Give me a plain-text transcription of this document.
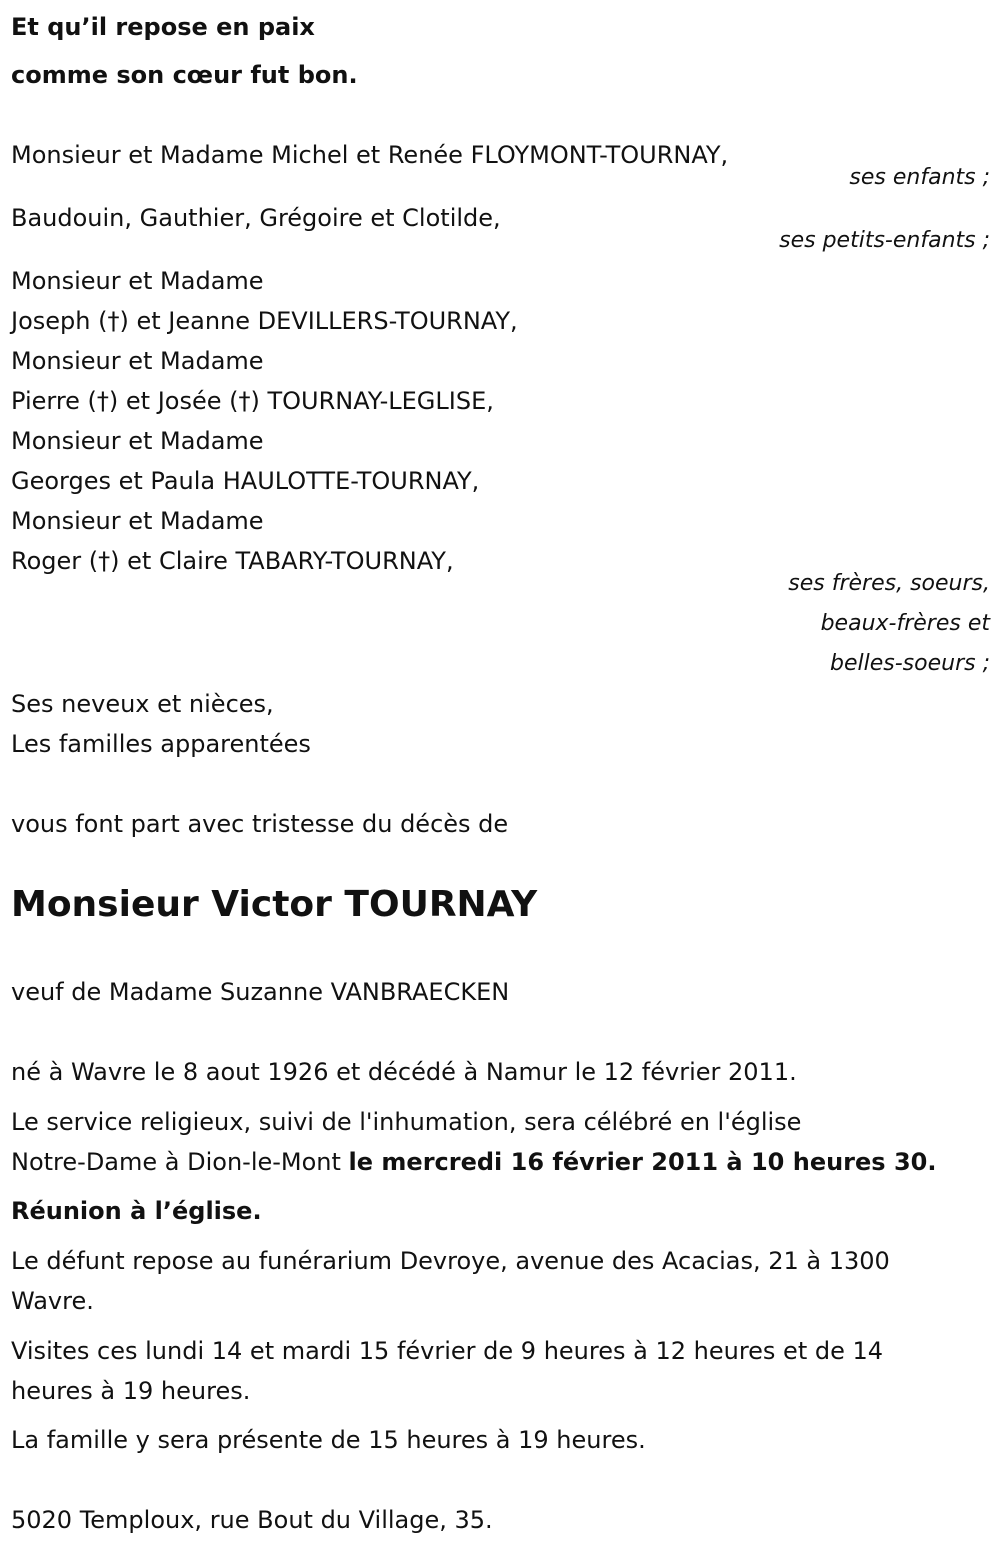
Et qu’il repose en paix
comme son cœur fut bon.
Monsieur et Madame Michel et Renée FLOYMONT-TOURNAY,
ses enfants ;
Baudouin, Gauthier, Grégoire et Clotilde,
ses petits-enfants ;
Monsieur et Madame
Joseph (†) et Jeanne DEVILLERS-TOURNAY,
Monsieur et Madame
Pierre (†) et Josée (†) TOURNAY-LEGLISE,
Monsieur et Madame
Georges et Paula HAULOTTE-TOURNAY,
Monsieur et Madame
Roger (†) et Claire TABARY-TOURNAY,
ses frères, soeurs,
beaux-frères et
belles-soeurs ;
Ses neveux et nièces,
Les familles apparentées
vous font part avec tristesse du décès de
Monsieur Victor TOURNAY
veuf de Madame Suzanne VANBRAECKEN
né à Wavre le 8 aout 1926 et décédé à Namur le 12 février 2011.
Le service religieux, suivi de l'inhumation, sera célébré en l'église
Notre-Dame à Dion-le-Mont le mercredi 16 février 2011 à 10 heures 30.
Réunion à l’église.
Le défunt repose au funérarium Devroye, avenue des Acacias, 21 à 1300
Wavre.
Visites ces lundi 14 et mardi 15 février de 9 heures à 12 heures et de 14
heures à 19 heures.
La famille y sera présente de 15 heures à 19 heures.
5020 Temploux, rue Bout du Village, 35.
